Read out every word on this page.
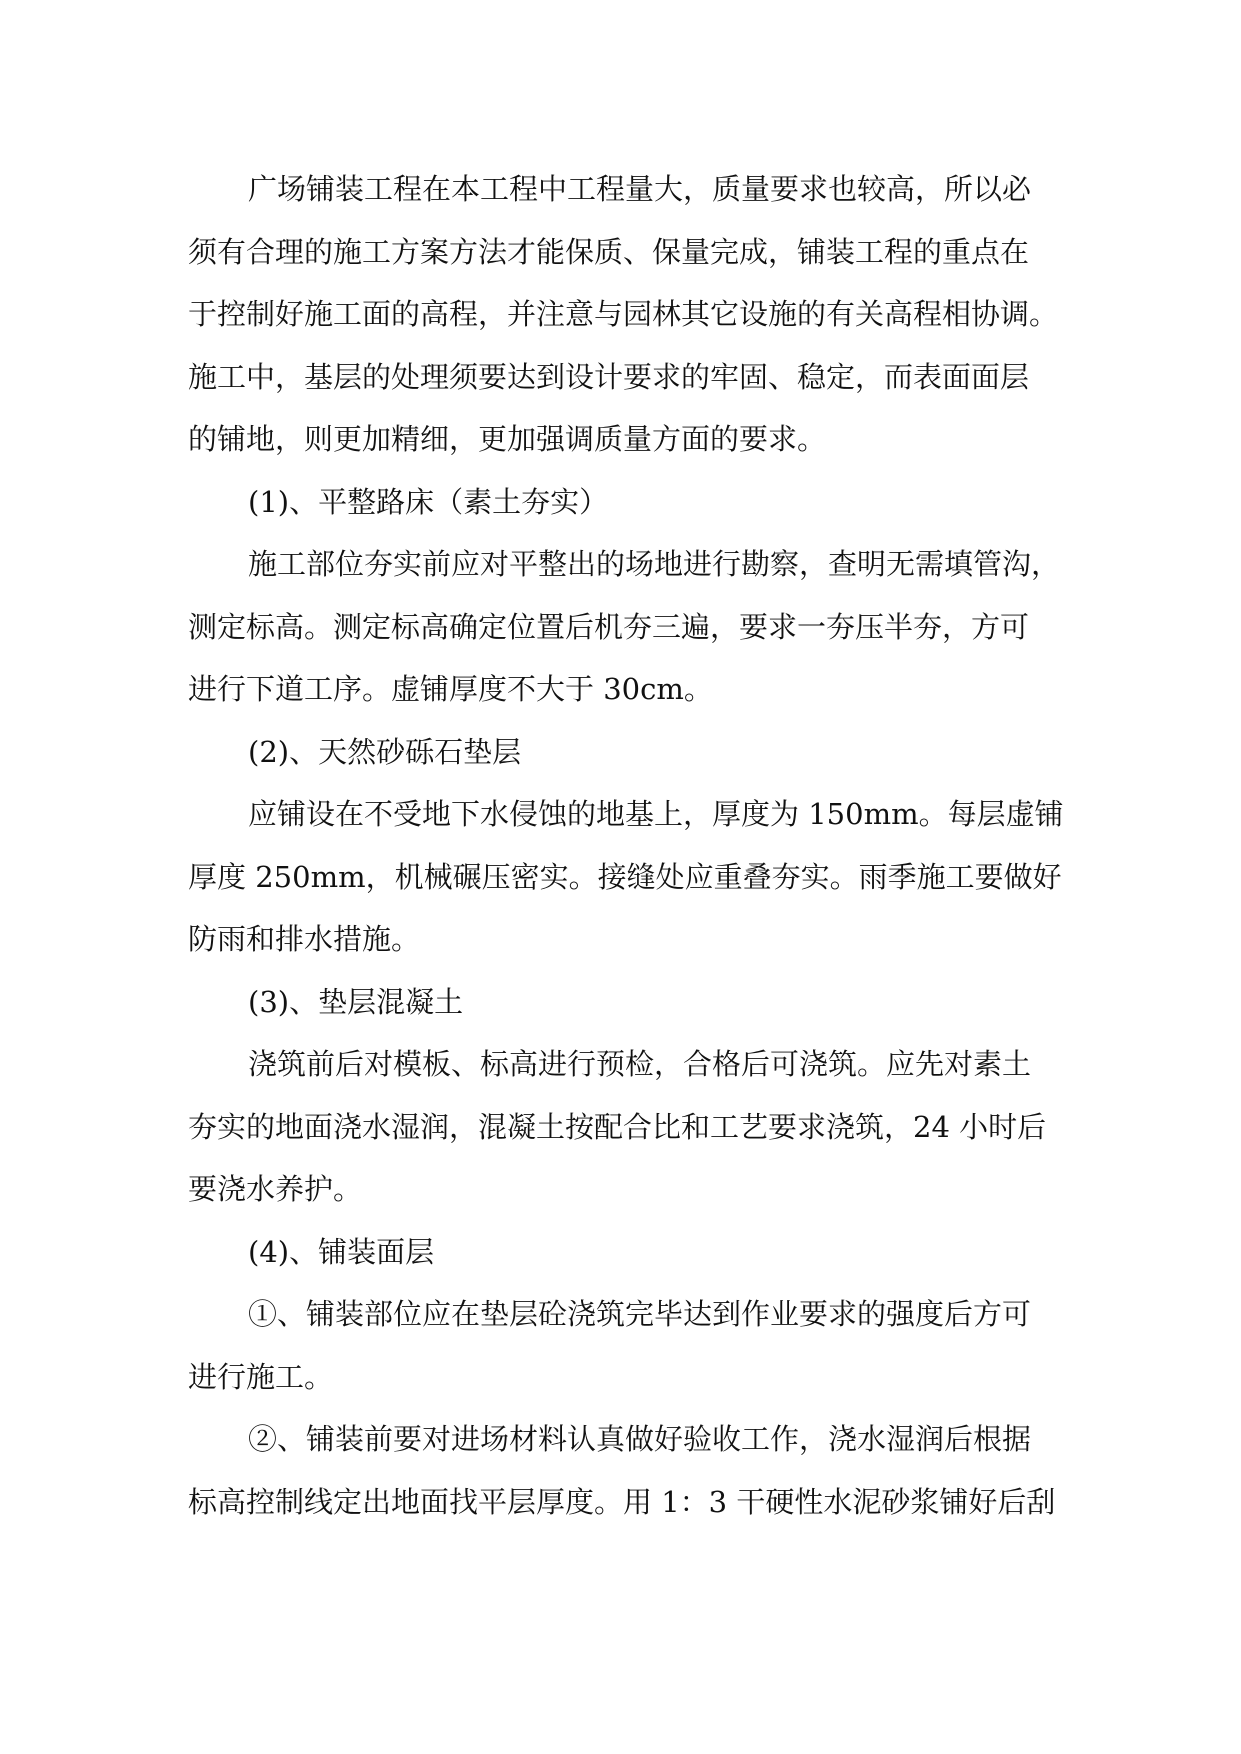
广场铺装工程在本工程中工程量大，质量要求也较高，所以必
须有合理的施工方案方法才能保质、保量完成，铺装工程的重点在
于控制好施工面的高程，并注意与园林其它设施的有关高程相协调。
施工中，基层的处理须要达到设计要求的牢固、稳定，而表面面层
的铺地，则更加精细，更加强调质量方面的要求。

(1)、平整路床（素土夯实）

施工部位夯实前应对平整出的场地进行勘察，查明无需填管沟，
测定标高。测定标高确定位置后机夯三遍，要求一夯压半夯，方可
进行下道工序。虚铺厚度不大于 30cm。

(2)、天然砂砾石垫层

应铺设在不受地下水侵蚀的地基上，厚度为 150mm。每层虚铺
厚度 250mm，机械碾压密实。接缝处应重叠夯实。雨季施工要做好
防雨和排水措施。

(3)、垫层混凝土

浇筑前后对模板、标高进行预检，合格后可浇筑。应先对素土
夯实的地面浇水湿润，混凝土按配合比和工艺要求浇筑，24 小时后
要浇水养护。

(4)、铺装面层

①、铺装部位应在垫层砼浇筑完毕达到作业要求的强度后方可
进行施工。

②、铺装前要对进场材料认真做好验收工作，浇水湿润后根据
标高控制线定出地面找平层厚度。用 1：3 干硬性水泥砂浆铺好后刮
